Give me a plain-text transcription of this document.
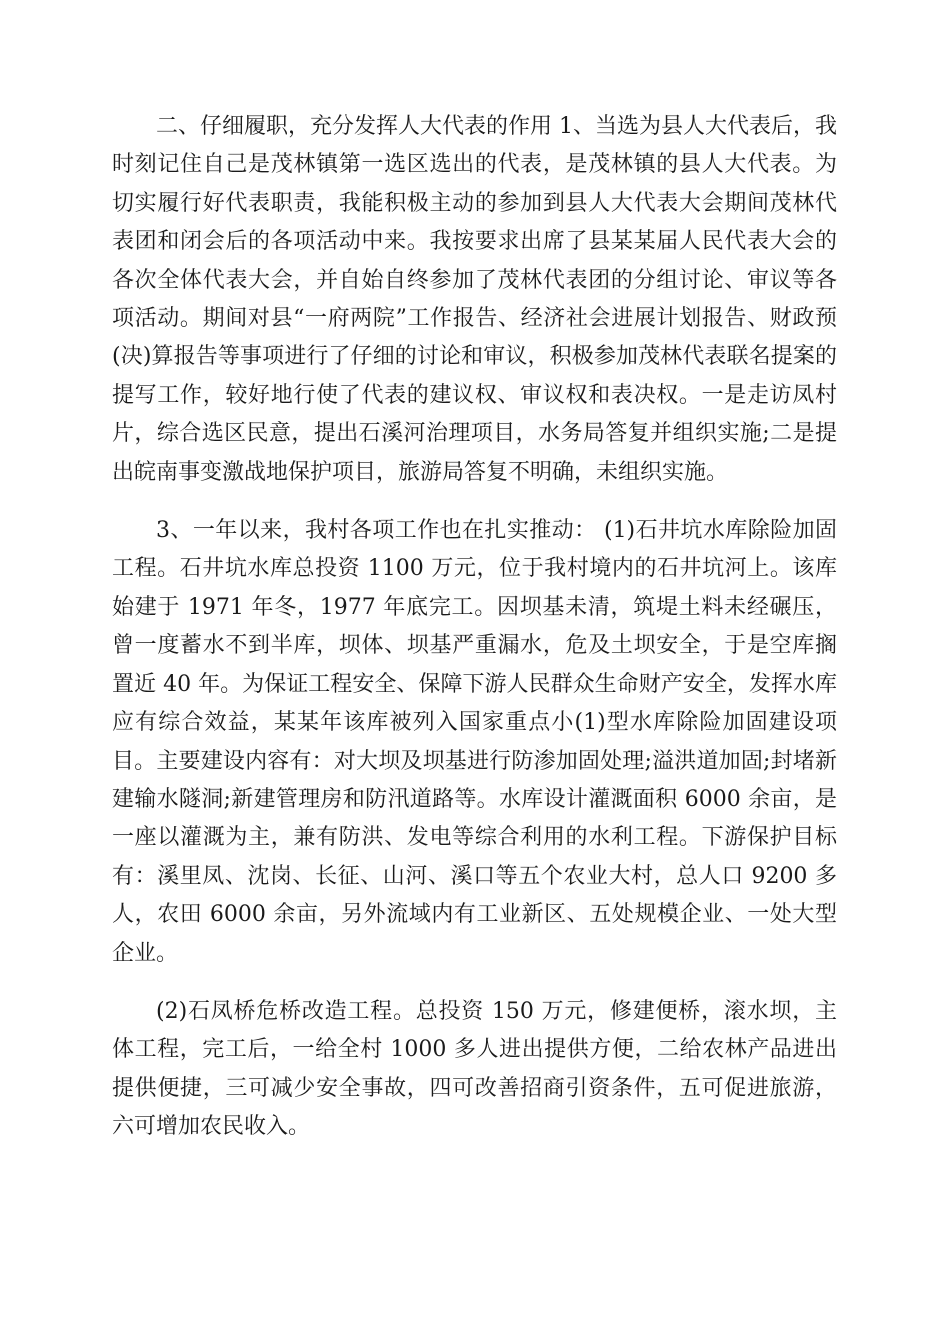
二、仔细履职，充分发挥人大代表的作用 1、当选为县人大代表后，我时刻记住自己是茂林镇第一选区选出的代表，是茂林镇的县人大代表。为切实履行好代表职责，我能积极主动的参加到县人大代表大会期间茂林代表团和闭会后的各项活动中来。我按要求出席了县某某届人民代表大会的各次全体代表大会，并自始自终参加了茂林代表团的分组讨论、审议等各项活动。期间对县“一府两院”工作报告、经济社会进展计划报告、财政预(决)算报告等事项进行了仔细的讨论和审议，积极参加茂林代表联名提案的提写工作，较好地行使了代表的建议权、审议权和表决权。一是走访凤村片，综合选区民意，提出石溪河治理项目，水务局答复并组织实施;二是提出皖南事变激战地保护项目，旅游局答复不明确，未组织实施。

3、一年以来，我村各项工作也在扎实推动： (1)石井坑水库除险加固工程。石井坑水库总投资 1100 万元，位于我村境内的石井坑河上。该库始建于 1971 年冬，1977 年底完工。因坝基未清，筑堤土料未经碾压，曾一度蓄水不到半库，坝体、坝基严重漏水，危及土坝安全，于是空库搁置近 40 年。为保证工程安全、保障下游人民群众生命财产安全，发挥水库应有综合效益，某某年该库被列入国家重点小(1)型水库除险加固建设项目。主要建设内容有：对大坝及坝基进行防渗加固处理;溢洪道加固;封堵新建输水隧洞;新建管理房和防汛道路等。水库设计灌溉面积 6000 余亩，是一座以灌溉为主，兼有防洪、发电等综合利用的水利工程。下游保护目标有：溪里凤、沈岗、长征、山河、溪口等五个农业大村，总人口 9200 多人，农田 6000 余亩，另外流域内有工业新区、五处规模企业、一处大型企业。

(2)石凤桥危桥改造工程。总投资 150 万元，修建便桥，滚水坝，主体工程，完工后，一给全村 1000 多人进出提供方便，二给农林产品进出提供便捷，三可减少安全事故，四可改善招商引资条件，五可促进旅游，六可增加农民收入。
